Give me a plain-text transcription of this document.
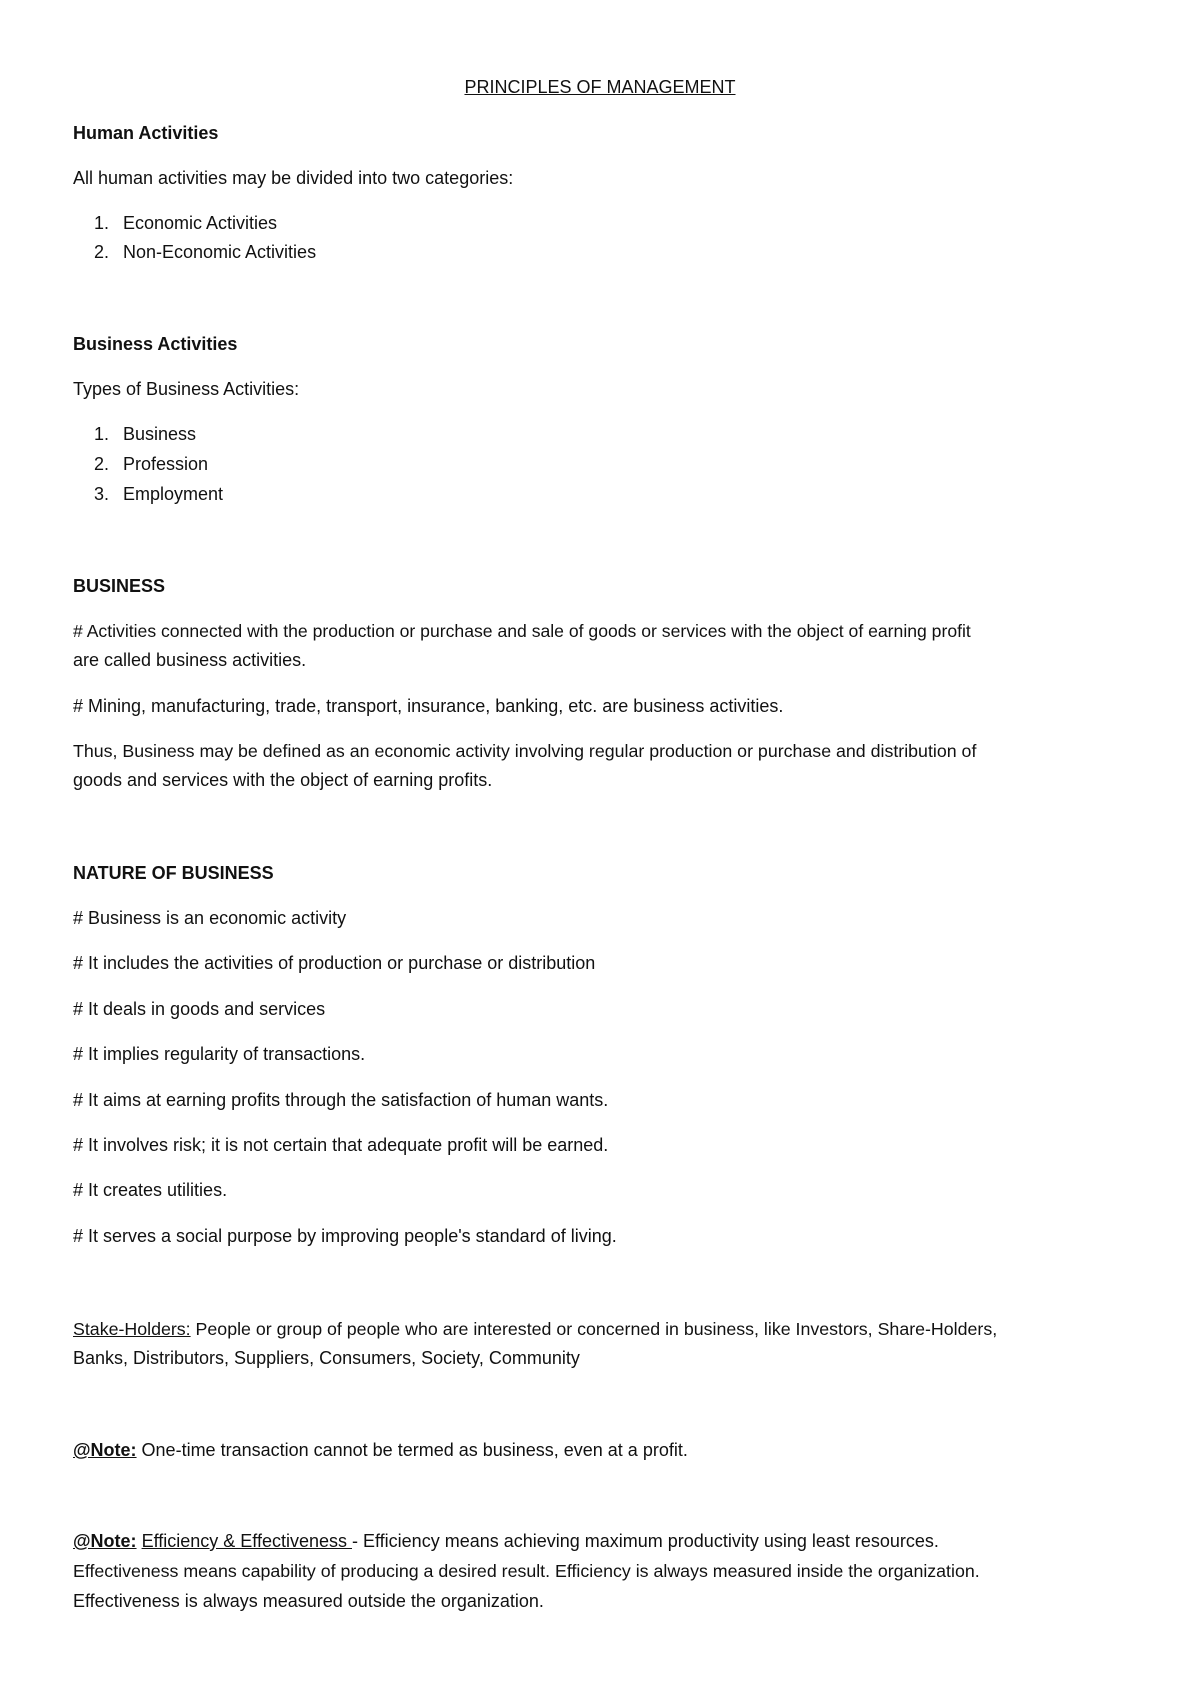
PRINCIPLES OF MANAGEMENT
Human Activities
All human activities may be divided into two categories:
1. Economic Activities
2. Non-Economic Activities
Business Activities
Types of Business Activities:
1. Business
2. Profession
3. Employment
BUSINESS
# Activities connected with the production or purchase and sale of goods or services with the object of earning profit
are called business activities.
# Mining, manufacturing, trade, transport, insurance, banking, etc. are business activities.
Thus, Business may be defined as an economic activity involving regular production or purchase and distribution of
goods and services with the object of earning profits.
NATURE OF BUSINESS
# Business is an economic activity
# It includes the activities of production or purchase or distribution
# It deals in goods and services
# It implies regularity of transactions.
# It aims at earning profits through the satisfaction of human wants.
# It involves risk; it is not certain that adequate profit will be earned.
# It creates utilities.
# It serves a social purpose by improving people's standard of living.
Stake-Holders: People or group of people who are interested or concerned in business, like Investors, Share-Holders,
Banks, Distributors, Suppliers, Consumers, Society, Community
@Note: One-time transaction cannot be termed as business, even at a profit.
@Note: Efficiency & Effectiveness - Efficiency means achieving maximum productivity using least resources.
Effectiveness means capability of producing a desired result. Efficiency is always measured inside the organization.
Effectiveness is always measured outside the organization.
